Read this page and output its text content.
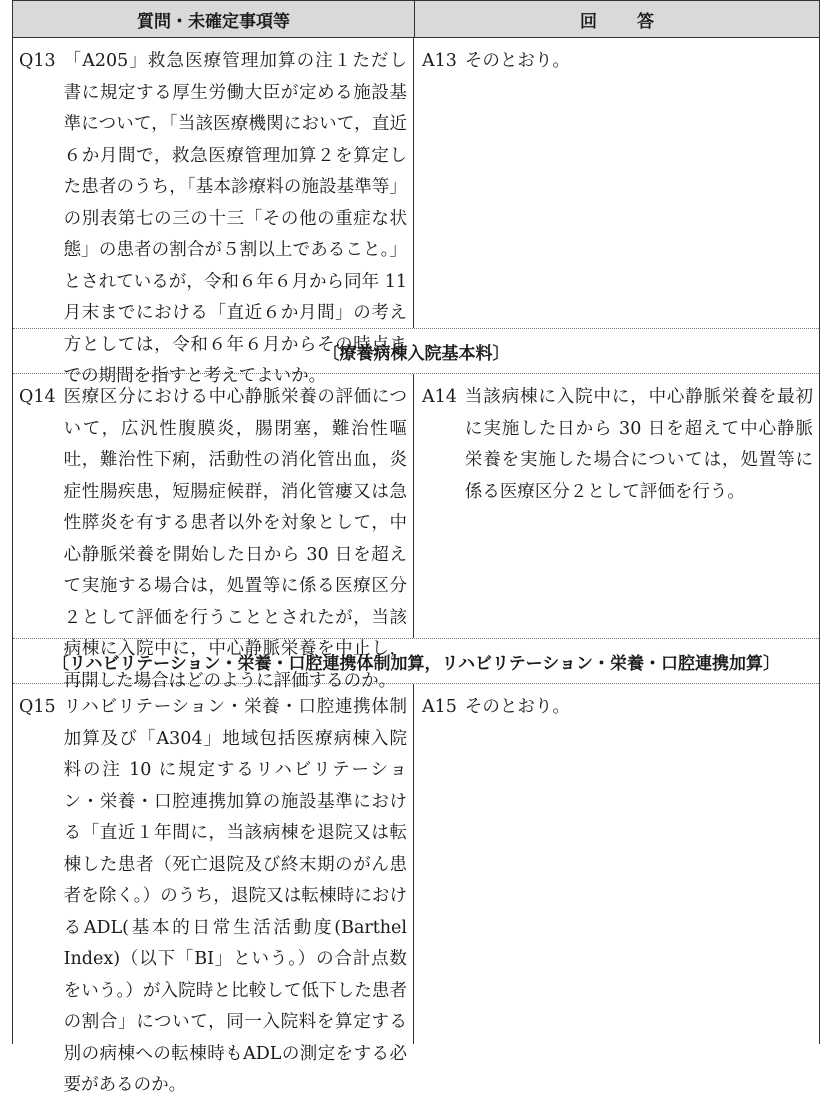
質問・未確定事項等	回答
Q13 「A205」救急医療管理加算の注１ただし書に規定する厚生労働大臣が定める施設基準について，「当該医療機関において，直近６か月間で，救急医療管理加算２を算定した患者のうち，「基本診療料の施設基準等」の別表第七の三の十三「その他の重症な状態」の患者の割合が５割以上であること。」とされているが，令和６年６月から同年 11 月末までにおける「直近６か月間」の考え方としては，令和６年６月からその時点までの期間を指すと考えてよいか。
A13 そのとおり。
〔療養病棟入院基本料〕
Q14 医療区分における中心静脈栄養の評価について，広汎性腹膜炎，腸閉塞，難治性嘔吐，難治性下痢，活動性の消化管出血，炎症性腸疾患，短腸症候群，消化管瘻又は急性膵炎を有する患者以外を対象として，中心静脈栄養を開始した日から 30 日を超えて実施する場合は，処置等に係る医療区分２として評価を行うこととされたが，当該病棟に入院中に，中心静脈栄養を中止し，再開した場合はどのように評価するのか。
A14 当該病棟に入院中に，中心静脈栄養を最初に実施した日から 30 日を超えて中心静脈栄養を実施した場合については，処置等に係る医療区分２として評価を行う。
〔リハビリテーション・栄養・口腔連携体制加算，リハビリテーション・栄養・口腔連携加算〕
Q15 リハビリテーション・栄養・口腔連携体制加算及び「A304」地域包括医療病棟入院料の注 10 に規定するリハビリテーション・栄養・口腔連携加算の施設基準における「直近１年間に，当該病棟を退院又は転棟した患者（死亡退院及び終末期のがん患者を除く。）のうち，退院又は転棟時におけるADL(基本的日常生活活動度(Barthel Index)（以下「BI」という。）の合計点数をいう。）が入院時と比較して低下した患者の割合」について，同一入院料を算定する別の病棟への転棟時もADLの測定をする必要があるのか。
A15 そのとおり。
